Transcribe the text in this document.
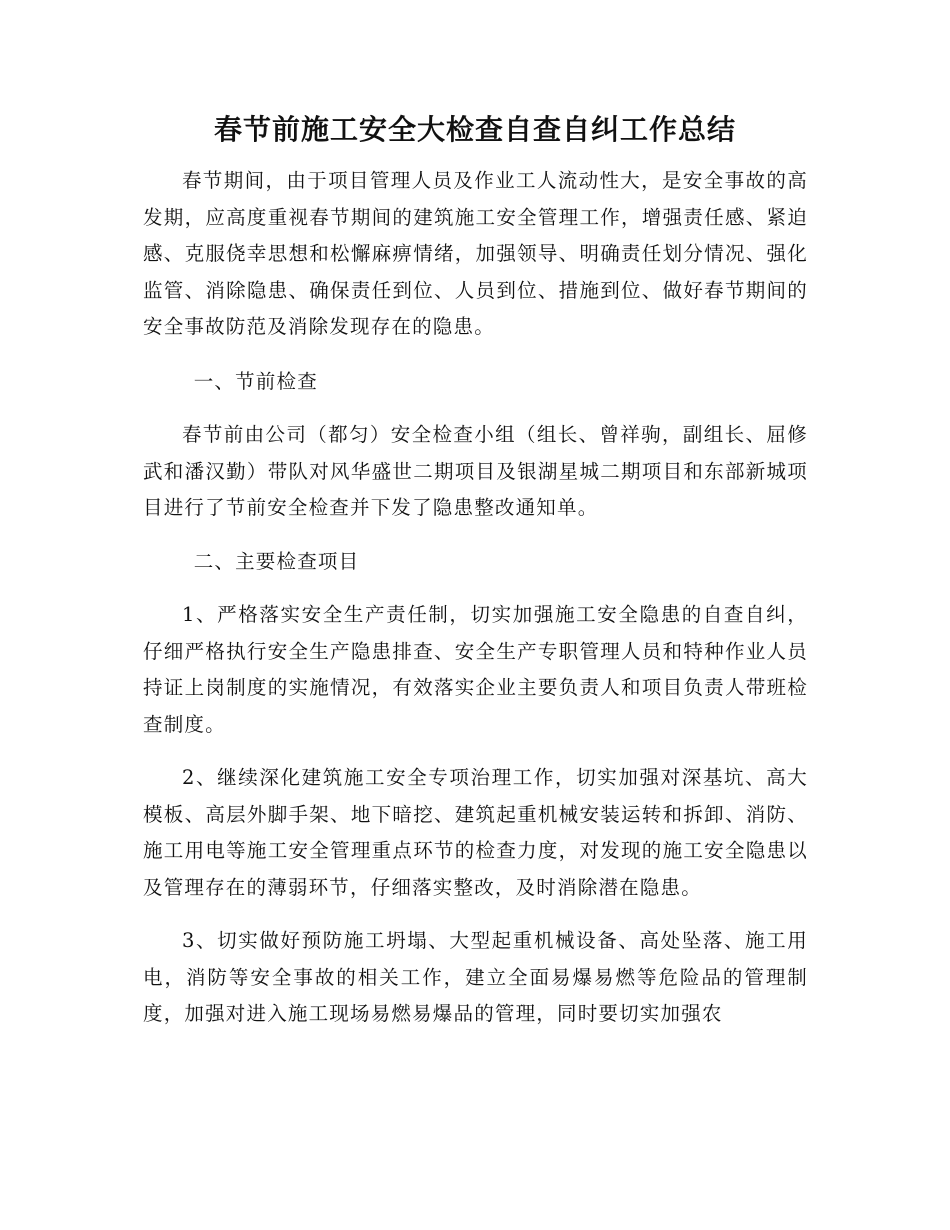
春节前施工安全大检查自查自纠工作总结

春节期间，由于项目管理人员及作业工人流动性大，是安全事故的高发期，应高度重视春节期间的建筑施工安全管理工作，增强责任感、紧迫感、克服侥幸思想和松懈麻痹情绪，加强领导、明确责任划分情况、强化监管、消除隐患、确保责任到位、人员到位、措施到位、做好春节期间的安全事故防范及消除发现存在的隐患。

一、节前检查

春节前由公司（都匀）安全检查小组（组长、曾祥驹，副组长、屈修武和潘汉勤）带队对风华盛世二期项目及银湖星城二期项目和东部新城项目进行了节前安全检查并下发了隐患整改通知单。

二、主要检查项目

1、严格落实安全生产责任制，切实加强施工安全隐患的自查自纠，仔细严格执行安全生产隐患排查、安全生产专职管理人员和特种作业人员持证上岗制度的实施情况，有效落实企业主要负责人和项目负责人带班检查制度。

2、继续深化建筑施工安全专项治理工作，切实加强对深基坑、高大模板、高层外脚手架、地下暗挖、建筑起重机械安装运转和拆卸、消防、施工用电等施工安全管理重点环节的检查力度，对发现的施工安全隐患以及管理存在的薄弱环节，仔细落实整改，及时消除潜在隐患。

3、切实做好预防施工坍塌、大型起重机械设备、高处坠落、施工用电，消防等安全事故的相关工作，建立全面易爆易燃等危险品的管理制度，加强对进入施工现场易燃易爆品的管理，同时要切实加强农
